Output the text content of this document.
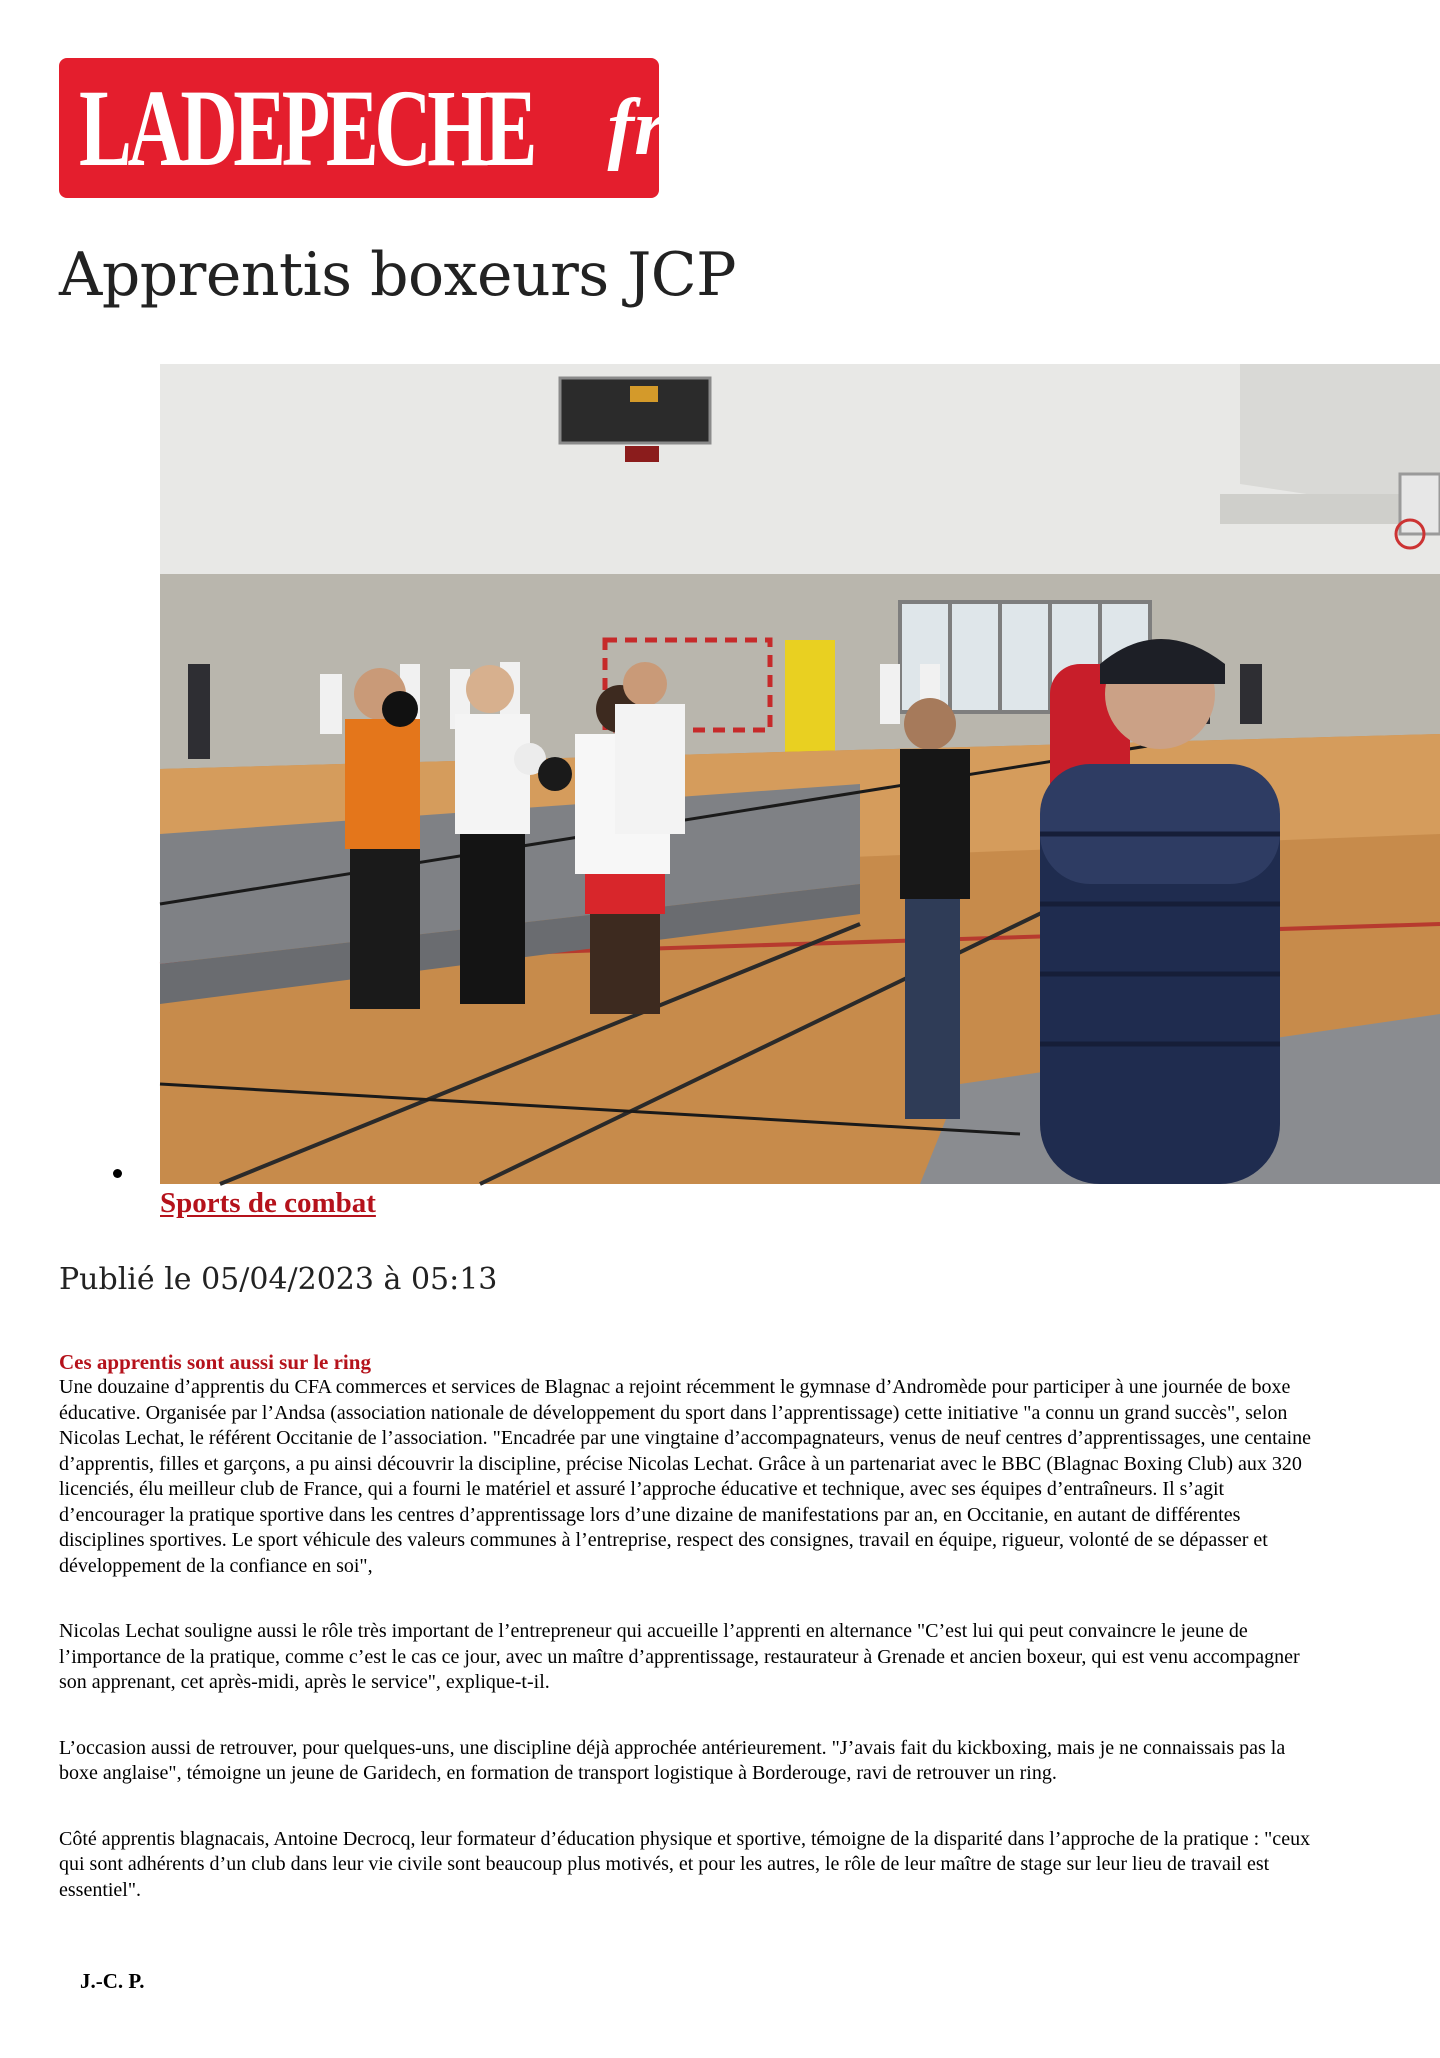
LADEPECHE fr
Apprentis boxeurs JCP
Sports de combat

Publié le 05/04/2023 à 05:13

Ces apprentis sont aussi sur le ring

Une douzaine d’apprentis du CFA commerces et services de Blagnac a rejoint récemment le gymnase d’Andromède pour participer à une journée de boxe éducative. Organisée par l’Andsa (association nationale de développement du sport dans l’apprentissage) cette initiative "a connu un grand succès", selon Nicolas Lechat, le référent Occitanie de l’association. "Encadrée par une vingtaine d’accompagnateurs, venus de neuf centres d’apprentissages, une centaine d’apprentis, filles et garçons, a pu ainsi découvrir la discipline, précise Nicolas Lechat. Grâce à un partenariat avec le BBC (Blagnac Boxing Club) aux 320 licenciés, élu meilleur club de France, qui a fourni le matériel et assuré l’approche éducative et technique, avec ses équipes d’entraîneurs. Il s’agit d’encourager la pratique sportive dans les centres d’apprentissage lors d’une dizaine de manifestations par an, en Occitanie, en autant de différentes disciplines sportives. Le sport véhicule des valeurs communes à l’entreprise, respect des consignes, travail en équipe, rigueur, volonté de se dépasser et développement de la confiance en soi",

Nicolas Lechat souligne aussi le rôle très important de l’entrepreneur qui accueille l’apprenti en alternance "C’est lui qui peut convaincre le jeune de l’importance de la pratique, comme c’est le cas ce jour, avec un maître d’apprentissage, restaurateur à Grenade et ancien boxeur, qui est venu accompagner son apprenant, cet après-midi, après le service", explique-t-il.

L’occasion aussi de retrouver, pour quelques-uns, une discipline déjà approchée antérieurement. "J’avais fait du kickboxing, mais je ne connaissais pas la boxe anglaise", témoigne un jeune de Garidech, en formation de transport logistique à Borderouge, ravi de retrouver un ring.

Côté apprentis blagnacais, Antoine Decrocq, leur formateur d’éducation physique et sportive, témoigne de la disparité dans l’approche de la pratique : "ceux qui sont adhérents d’un club dans leur vie civile sont beaucoup plus motivés, et pour les autres, le rôle de leur maître de stage sur leur lieu de travail est essentiel".

J.-C. P.
